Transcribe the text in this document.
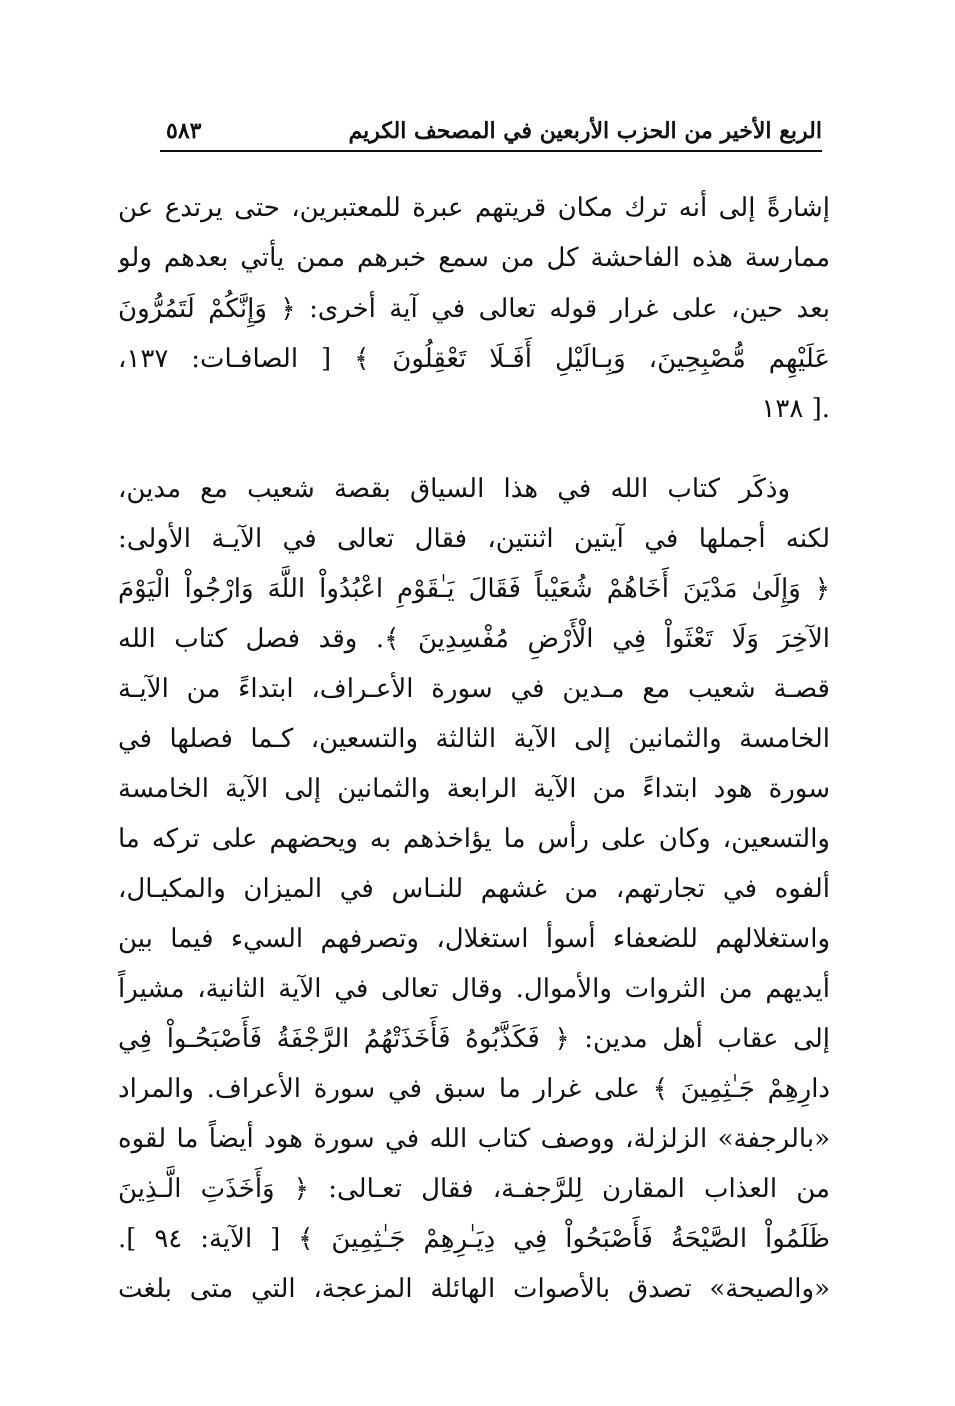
الربع الأخير من الحزب الأربعين في المصحف الكريم
٥٨٣
إشارةً إلى أنه ترك مكان قريتهم عبرة للمعتبرين، حتى يرتدع عن
ممارسة هذه الفاحشة كل من سمع خبرهم ممن يأتي بعدهم ولو
بعد حين، على غرار قوله تعالى في آية أخرى: ﴿ وَإِنَّكُمْ لَتَمُرُّونَ
عَلَيْهِم مُّصْبِحِينَ، وَبِـالَيْلِ أَفَـلَا تَعْقِلُونَ ﴾ [ الصافـات: ١٣٧،
.[ ١٣٨
وذكَر كتاب الله في هذا السياق بقصة شعيب مع مدين،
لكنه أجملها في آيتين اثنتين، فقال تعالى في الآيـة الأولى:
﴿ وَإِلَىٰ مَدْيَنَ أَخَاهُمْ شُعَيْباً فَقَالَ يَـٰقَوْمِ اعْبُدُواْ اللَّهَ وَارْجُواْ الْيَوْمَ
الآخِرَ وَلَا تَعْثَواْ فِي الْأَرْضِ مُفْسِدِينَ ﴾. وقد فصل كتاب الله
قصـة شعيب مع مـدين في سورة الأعـراف، ابتداءً من الآيـة
الخامسة والثمانين إلى الآية الثالثة والتسعين، كـما فصلها في
سورة هود ابتداءً من الآية الرابعة والثمانين إلى الآية الخامسة
والتسعين، وكان على رأس ما يؤاخذهم به ويحضهم على تركه ما
ألفوه في تجارتهم، من غشهم للنـاس في الميزان والمكيـال،
واستغلالهم للضعفاء أسوأ استغلال، وتصرفهم السيء فيما بين
أيديهم من الثروات والأموال. وقال تعالى في الآية الثانية، مشيراً
إلى عقاب أهل مدين: ﴿ فَكَذَّبُوهُ فَأَخَذَتْهُمُ الرَّجْفَةُ فَأَصْبَحُـواْ فِي
دارِهِمْ جَـٰثِمِينَ ﴾ على غرار ما سبق في سورة الأعراف. والمراد
«بالرجفة» الزلزلة، ووصف كتاب الله في سورة هود أيضاً ما لقوه
من العذاب المقارن لِلرَّجفـة، فقال تعـالى: ﴿ وَأَخَذَتِ الَّـذِينَ
ظَلَمُواْ الصَّيْحَةُ فَأَصْبَحُواْ فِي دِيَـٰرِهِمْ جَـٰثِمِينَ ﴾ [ الآية: ٩٤ ].
«والصيحة» تصدق بالأصوات الهائلة المزعجة، التي متى بلغت
